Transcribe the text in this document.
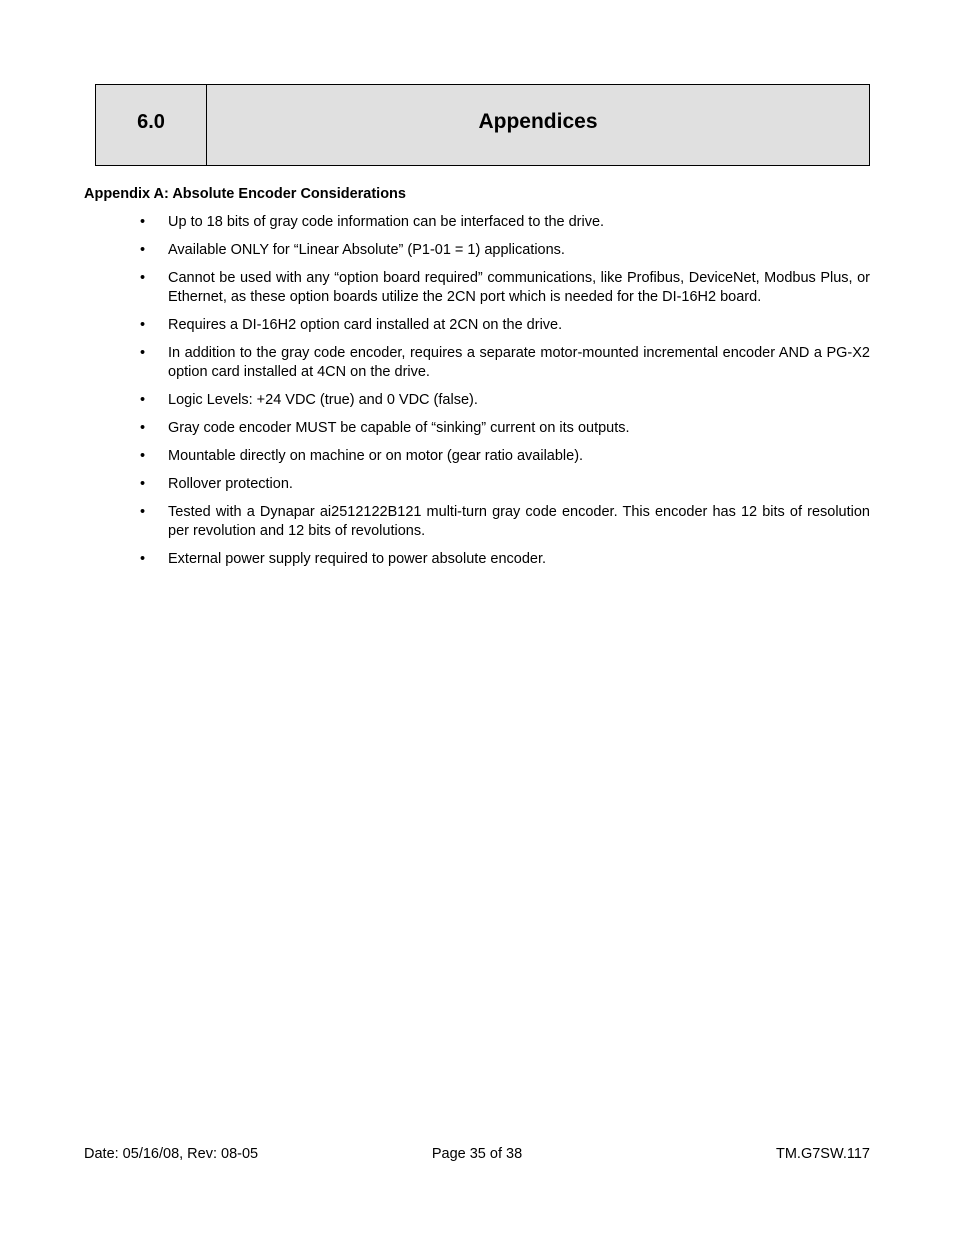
6.0	Appendices
Appendix A: Absolute Encoder Considerations
• Up to 18 bits of gray code information can be interfaced to the drive.
• Available ONLY for “Linear Absolute” (P1-01 = 1) applications.
• Cannot be used with any “option board required” communications, like Profibus, DeviceNet, Modbus Plus, or Ethernet, as these option boards utilize the 2CN port which is needed for the DI-16H2 board.
• Requires a DI-16H2 option card installed at 2CN on the drive.
• In addition to the gray code encoder, requires a separate motor-mounted incremental encoder AND a PG-X2 option card installed at 4CN on the drive.
• Logic Levels: +24 VDC (true) and 0 VDC (false).
• Gray code encoder MUST be capable of “sinking” current on its outputs.
• Mountable directly on machine or on motor (gear ratio available).
• Rollover protection.
• Tested with a Dynapar ai2512122B121 multi-turn gray code encoder. This encoder has 12 bits of resolution per revolution and 12 bits of revolutions.
• External power supply required to power absolute encoder.
Date: 05/16/08, Rev: 08-05	Page 35 of 38	TM.G7SW.117
